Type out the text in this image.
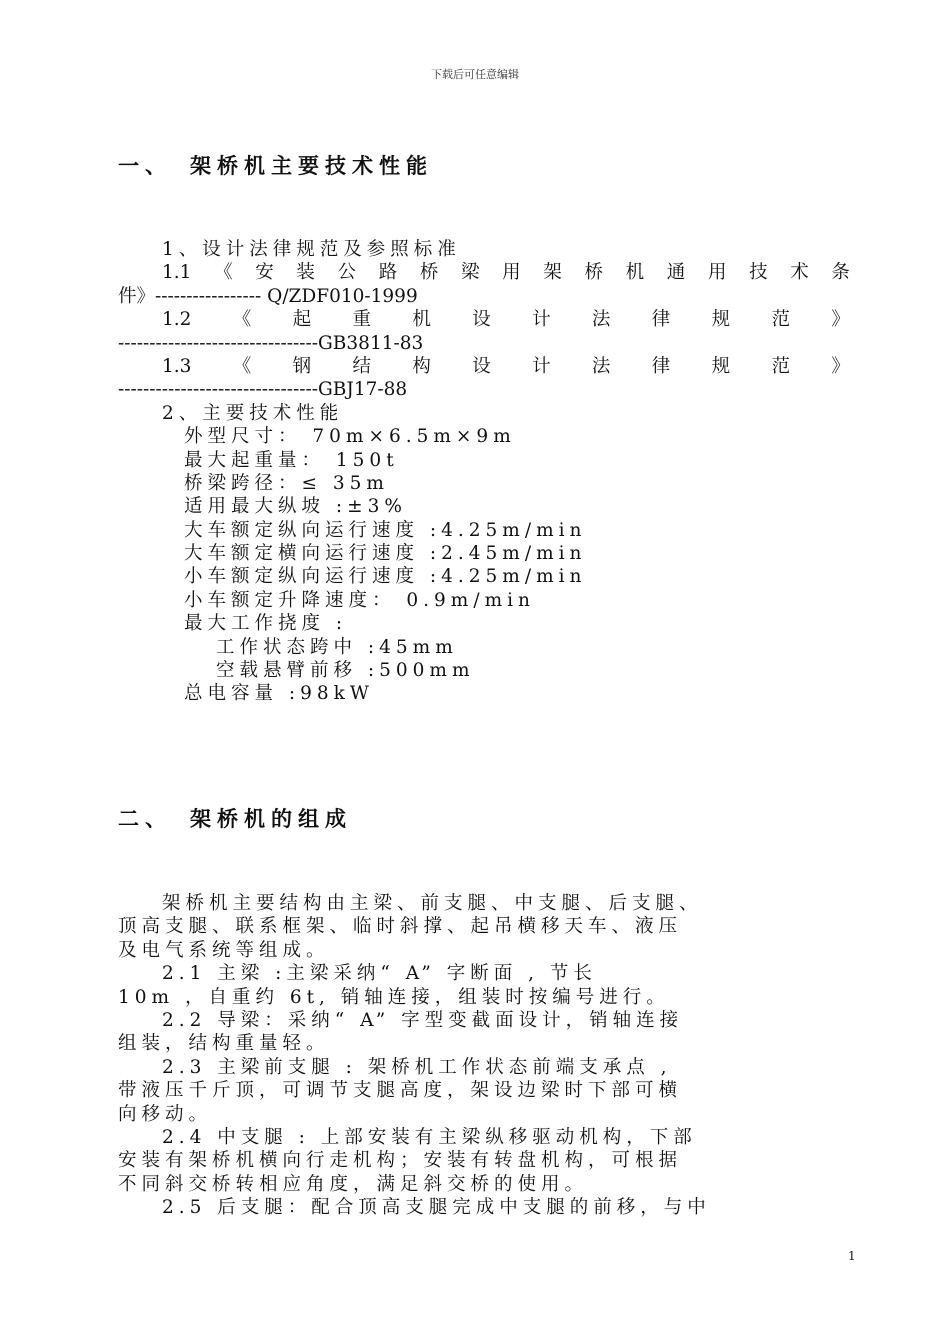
下载后可任意编辑
一、 架桥机主要技术性能
1、设计法律规范及参照标准
1.1 《 安 装 公 路 桥 梁 用 架 桥 机 通 用 技 术 条
件》----------------- Q/ZDF010-1999
1.2 《 起 重 机 设 计 法 律 规 范 》
--------------------------------GB3811-83
1.3 《 钢 结 构 设 计 法 律 规 范 》
--------------------------------GBJ17-88
2、主要技术性能
外型尺寸： 70m×6.5m×9m
最大起重量： 150t
桥梁跨径：≤ 35m
适用最大纵坡 :±3%
大车额定纵向运行速度 :4.25m/min
大车额定横向运行速度 :2.45m/min
小车额定纵向运行速度 :4.25m/min
小车额定升降速度： 0.9m/min
最大工作挠度 :
工作状态跨中 :45mm
空载悬臂前移 :500mm
总电容量 :98kW
二、 架桥机的组成
架桥机主要结构由主梁、前支腿、中支腿、后支腿、
顶高支腿、联系框架、临时斜撑、起吊横移天车、液压
及电气系统等组成。
2.1 主梁 :主梁采纳“ A” 字断面 , 节长
10m ，自重约 6t, 销轴连接，组装时按编号进行。
2.2 导梁：采纳“ A” 字型变截面设计，销轴连接
组装，结构重量轻。
2.3 主梁前支腿 : 架桥机工作状态前端支承点 ,
带液压千斤顶，可调节支腿高度，架设边梁时下部可横
向移动。
2.4 中支腿 : 上部安装有主梁纵移驱动机构，下部
安装有架桥机横向行走机构；安装有转盘机构，可根据
不同斜交桥转相应角度，满足斜交桥的使用。
2.5 后支腿：配合顶高支腿完成中支腿的前移，与中
1
